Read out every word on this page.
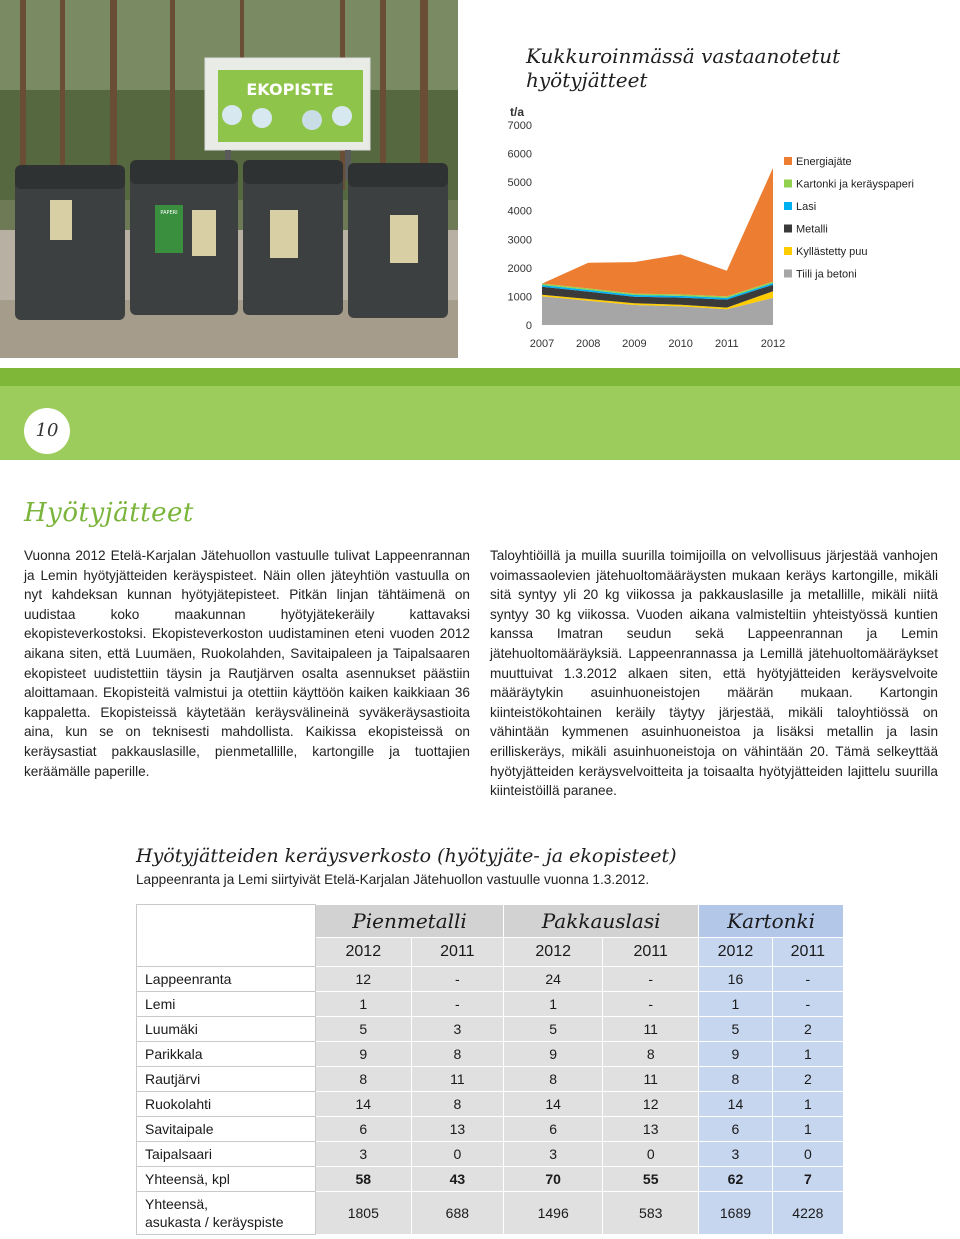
EKOPISTE
PAPERI
Kukkuroinmässä vastaanotetut hyötyjätteet
t/a
0
1000
2000
3000
4000
5000
6000
7000
2007 2008 2009 2010 2011 2012
Energiajäte
Kartonki ja keräyspaperi
Lasi
Metalli
Kyllästetty puu
Tiili ja betoni
10
Hyötyjätteet
Vuonna 2012 Etelä-Karjalan Jätehuollon vastuulle tulivat Lappeenrannan ja Lemin hyötyjätteiden keräyspisteet. Näin ollen jäteyhtiön vastuulla on nyt kahdeksan kunnan hyötyjätepisteet. Pitkän linjan tähtäimenä on uudistaa koko maakunnan hyötyjätekeräily kattavaksi ekopisteverkostoksi. Ekopisteverkoston uudistaminen eteni vuoden 2012 aikana siten, että Luumäen, Ruokolahden, Savitaipaleen ja Taipalsaaren ekopisteet uudistettiin täysin ja Rautjärven osalta asennukset päästiin aloittamaan. Ekopisteitä valmistui ja otettiin käyttöön kaiken kaikkiaan 36 kappaletta. Ekopisteissä käytetään keräysvälineinä syväkeräysastioita aina, kun se on teknisesti mahdollista. Kaikissa ekopisteissä on keräysastiat pakkauslasille, pienmetallille, kartongille ja tuottajien keräämälle paperille.
Taloyhtiöillä ja muilla suurilla toimijoilla on velvollisuus järjestää vanhojen voimassaolevien jätehuoltomääräysten mukaan keräys kartongille, mikäli sitä syntyy yli 20 kg viikossa ja pakkauslasille ja metallille, mikäli niitä syntyy 30 kg viikossa. Vuoden aikana valmisteltiin yhteistyössä kuntien kanssa Imatran seudun sekä Lappeenrannan ja Lemin jätehuoltomääräyksiä. Lappeenrannassa ja Lemillä jätehuoltomääräykset muuttuivat 1.3.2012 alkaen siten, että hyötyjätteiden keräysvelvoite määräytykin asuinhuoneistojen määrän mukaan. Kartongin kiinteistökohtainen keräily täytyy järjestää, mikäli taloyhtiössä on vähintään kymmenen asuinhuoneistoa ja lisäksi metallin ja lasin erilliskeräys, mikäli asuinhuoneistoja on vähintään 20. Tämä selkeyttää hyötyjätteiden keräysvelvoitteita ja toisaalta hyötyjätteiden lajittelu suurilla kiinteistöillä paranee.
Hyötyjätteiden keräysverkosto (hyötyjäte- ja ekopisteet)
Lappeenranta ja Lemi siirtyivät Etelä-Karjalan Jätehuollon vastuulle vuonna 1.3.2012.
	Pienmetalli		Pakkauslasi		Kartonki	
	2012	2011	2012	2011	2012	2011
Lappeenranta	12	-	24	-	16	-
Lemi	1	-	1	-	1	-
Luumäki	5	3	5	11	5	2
Parikkala	9	8	9	8	9	1
Rautjärvi	8	11	8	11	8	2
Ruokolahti	14	8	14	12	14	1
Savitaipale	6	13	6	13	6	1
Taipalsaari	3	0	3	0	3	0
Yhteensä, kpl	58	43	70	55	62	7
Yhteensä,
asukasta / keräyspiste	1805	688	1496	583	1689	4228
